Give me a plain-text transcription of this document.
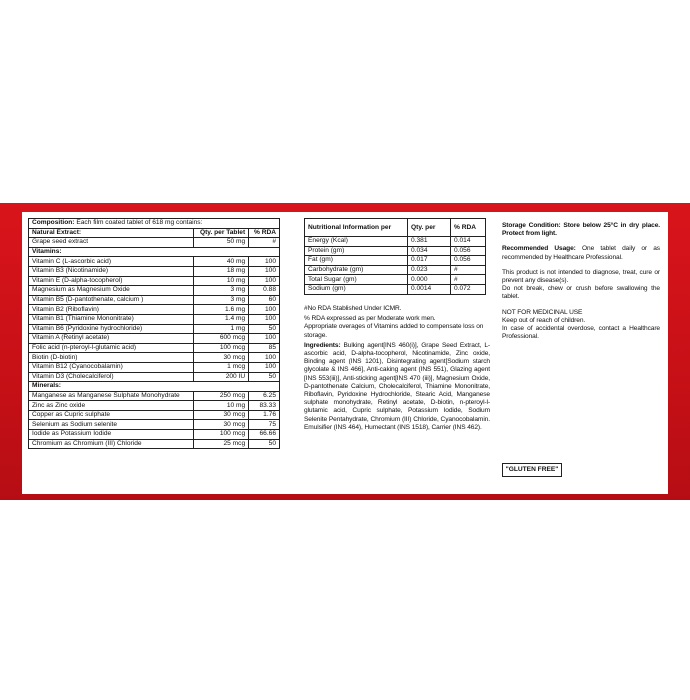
Composition: Each film coated tablet of 618 mg contains:		
Natural Extract:	Qty. per Tablet	% RDA
Grape seed extract	50 mg	#
Vitamins:		
Vitamin C (L-ascorbic acid)	40 mg	100
Vitamin B3 (Nicotinamide)	18 mg	100
Vitamin E (D-alpha-tocopherol)	10 mg	100
Magnesium as Magnesium Oxide	3 mg	0.88
Vitamin B5 (D-pantothenate, calcium )	3 mg	60
Vitamin B2 (Riboflavin)	1.6 mg	100
Vitamin B1 (Thiamine Mononitrate)	1.4 mg	100
Vitamin B6 (Pyridoxine hydrochloride)	1 mg	50
Vitamin A (Retinyl acetate)	600 mcg	100
Folic acid (n-pteroyl-l-glutamic acid)	100 mcg	85
Biotin (D-biotin)	30 mcg	100
Vitamin B12 (Cyanocobalamin)	1 mcg	100
Vitamin D3 (Cholecalciferol)	200 IU	50
Minerals:		
Manganese as Manganese Sulphate Monohydrate	250 mcg	6.25
Zinc as Zinc oxide	10 mg	83.33
Copper as Cupric sulphate	30 mcg	1.76
Selenium as Sodium selenite	30 mcg	75
Iodide as Potassium Iodide	100 mcg	66.66
Chromium as Chromium (III) Chloride	25 mcg	50
Nutritional Information per	Qty. per	% RDA
Energy (Kcal)	0.381	0.014
Protein (gm)	0.034	0.056
Fat (gm)	0.017	0.056
Carbohydrate (gm)	0.023	#
Total Sugar (gm)	0.000	#
Sodium (gm)	0.0014	0.072

#No RDA Stablished Under ICMR.

% RDA expressed as per Moderate work men.

Appropriate overages of Vitamins added to compensate loss on storage.

Ingredients: Bulking agent[INS 460(i)], Grape Seed Extract, L-ascorbic acid, D-alpha-tocopherol, Nicotinamide, Zinc oxide, Binding agent (INS 1201), Disintegrating agent[Sodium starch glycolate & INS 466], Anti-caking agent (INS 551), Glazing agent [INS 553(iii)], Anti-sticking agent[INS 470 (iii)], Magnesium Oxide, D-pantothenate Calcium, Cholecalciferol, Thiamine Mononitrate, Riboflavin, Pyridoxine Hydrochloride, Stearic Acid, Manganese sulphate monohydrate, Retinyl acetate, D-biotin, n-pteroyl-l-glutamic acid, Cupric sulphate, Potassium Iodide, Sodium Selenite Pentahydrate, Chromium (III) Chloride, Cyanocobalamin. Emulsifier (INS 464), Humectant (INS 1518), Carrier (INS 462).

Storage Condition: Store below 25°C in dry place. Protect from light.

Recommended Usage: One tablet daily or as recommended by Healthcare Professional.

This product is not intended to diagnose, treat, cure or prevent any disease(s).

Do not break, chew or crush before swallowing the tablet.

NOT FOR MEDICINAL USE

Keep out of reach of children.

In case of accidental overdose, contact a Healthcare Professional.

"GLUTEN FREE"
